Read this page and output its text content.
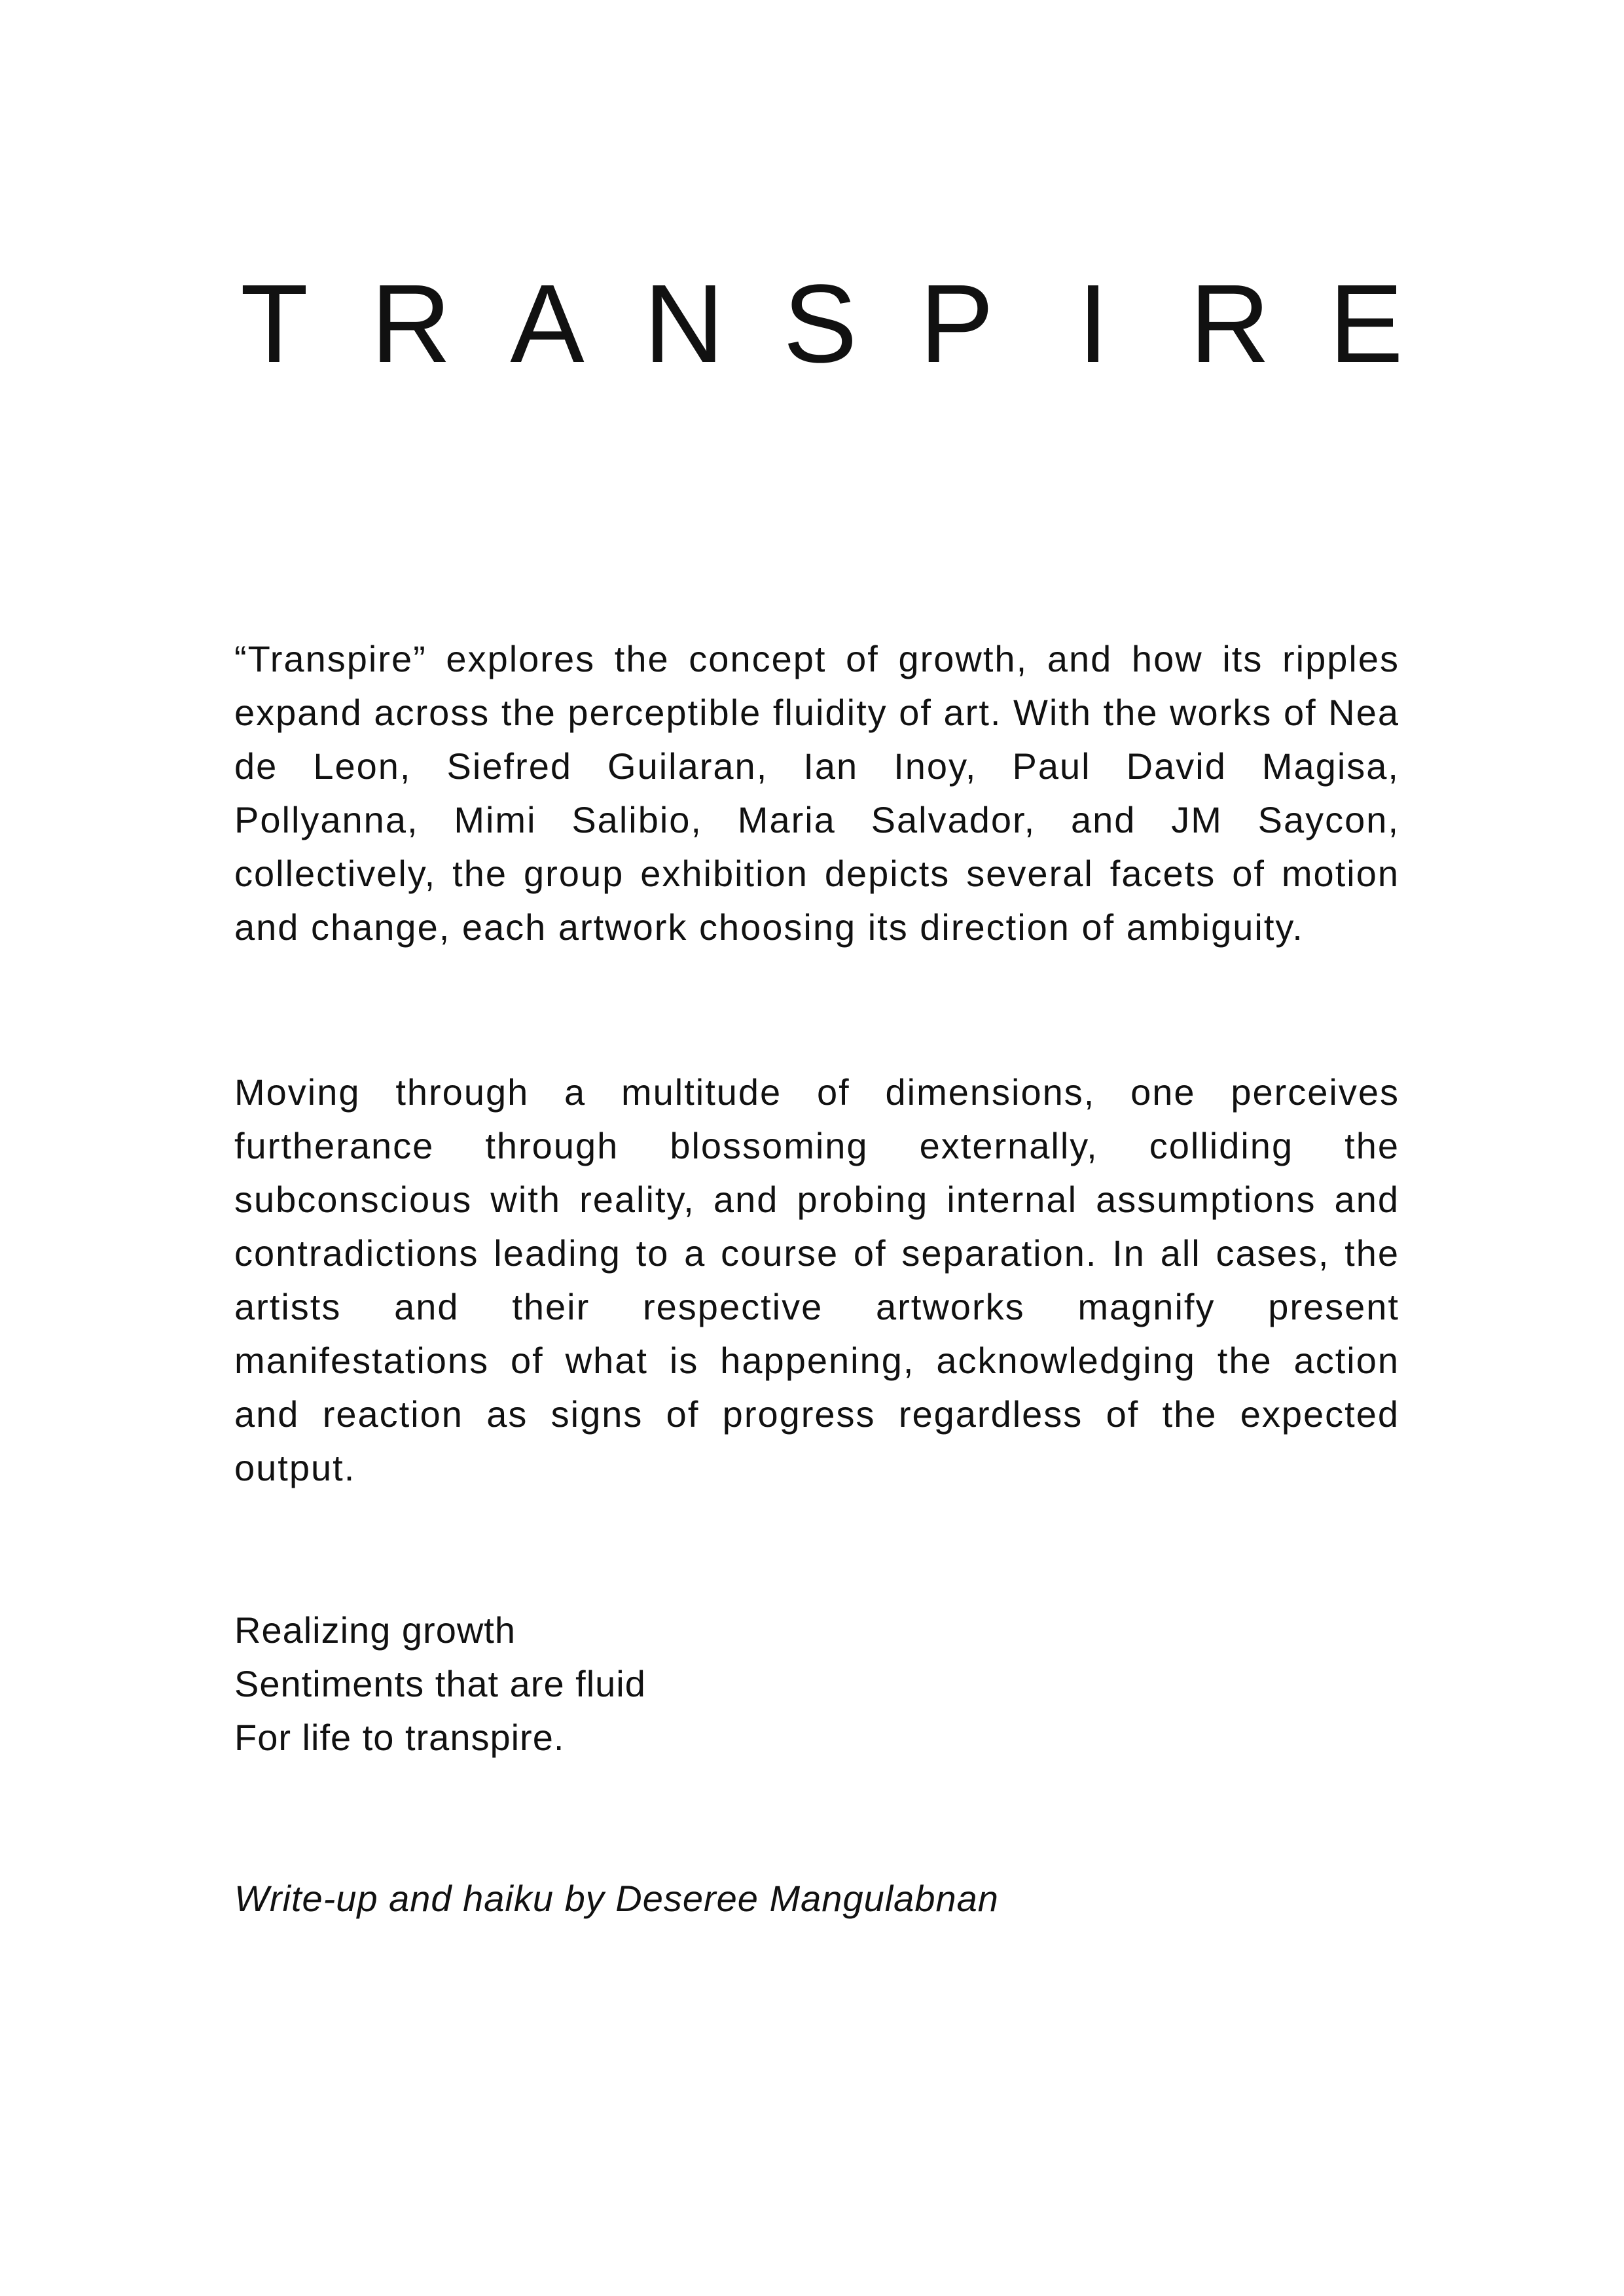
T R A N S P I R E

“Transpire” explores the concept of growth, and how its ripples expand across the perceptible fluidity of art. With the works of Nea de Leon, Siefred Guilaran, Ian Inoy, Paul David Magisa, Pollyanna, Mimi Salibio, Maria Salvador, and JM Saycon, collectively, the group exhibition depicts several facets of motion and change, each artwork choosing its direction of ambiguity.

Moving through a multitude of dimensions, one perceives furtherance through blossoming externally, colliding the subconscious with reality, and probing internal assumptions and contradictions leading to a course of separation. In all cases, the artists and their respective artworks magnify present manifestations of what is happening, acknowledging the action and reaction as signs of progress regardless of the expected output.

Realizing growth
Sentiments that are fluid
For life to transpire.

Write-up and haiku by Deseree Mangulabnan
